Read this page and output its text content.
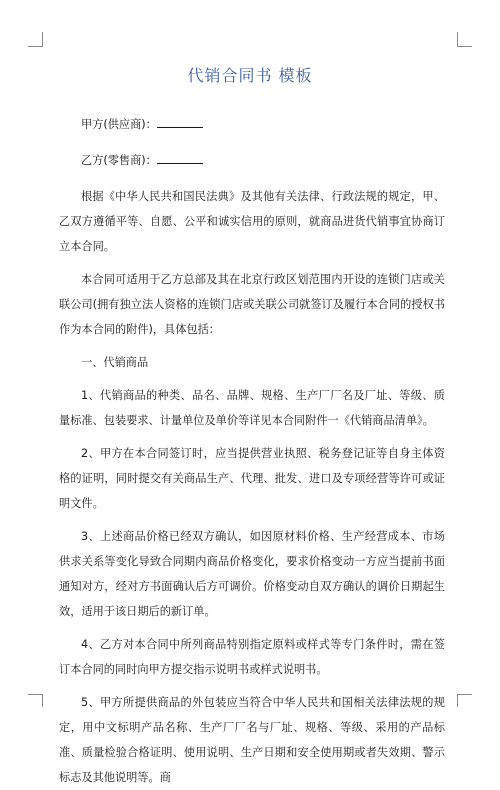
代销合同书 模板

甲方(供应商)：

乙方(零售商)：

根据《中华人民共和国民法典》及其他有关法律、行政法规的规定，甲、乙双方遵循平等、自愿、公平和诚实信用的原则，就商品进货代销事宜协商订立本合同。

本合同可适用于乙方总部及其在北京行政区划范围内开设的连锁门店或关联公司(拥有独立法人资格的连锁门店或关联公司就签订及履行本合同的授权书作为本合同的附件)，具体包括：

一、代销商品

1、代销商品的种类、品名、品牌、规格、生产厂厂名及厂址、等级、质量标准、包装要求、计量单位及单价等详见本合同附件一《代销商品清单》。

2、甲方在本合同签订时，应当提供营业执照、税务登记证等自身主体资格的证明，同时提交有关商品生产、代理、批发、进口及专项经营等许可或证明文件。

3、上述商品价格已经双方确认，如因原材料价格、生产经营成本、市场供求关系等变化导致合同期内商品价格变化，要求价格变动一方应当提前书面通知对方，经对方书面确认后方可调价。价格变动自双方确认的调价日期起生效，适用于该日期后的新订单。

4、乙方对本合同中所列商品特别指定原料或样式等专门条件时，需在签订本合同的同时向甲方提交指示说明书或样式说明书。

5、甲方所提供商品的外包装应当符合中华人民共和国相关法律法规的规定，用中文标明产品名称、生产厂厂名与厂址、规格、等级、采用的产品标准、质量检验合格证明、使用说明、生产日期和安全使用期或者失效期、警示标志及其他说明等。商
